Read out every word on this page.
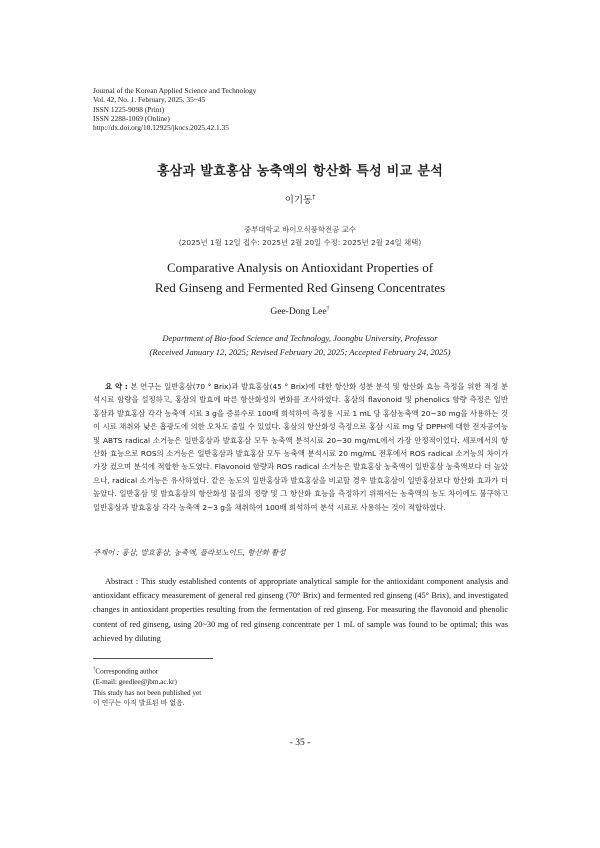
Journal of the Korean Applied Science and Technology
Vol. 42, No. 1. February, 2025. 35~45
ISSN 1225-9098 (Print)
ISSN 2288-1069 (Online)
http://dx.doi.org/10.12925/jkocs.2025.42.1.35
홍삼과 발효홍삼 농축액의 항산화 특성 비교 분석
이기동†
중부대학교 바이오식품학전공 교수
(2025년 1월 12일 접수: 2025년 2월 20일 수정: 2025년 2월 24일 채택)
Comparative Analysis on Antioxidant Properties of
Red Ginseng and Fermented Red Ginseng Concentrates
Gee-Dong Lee†
Department of Bio-food Science and Technology, Joongbu University, Professor
(Received January 12, 2025; Revised February 20, 2025; Accepted February 24, 2025)
요 약 : 본 연구는 일반홍삼(70 ° Brix)과 발효홍삼(45 ° Brix)에 대한 항산화 성분 분석 및 항산화 효능 측정을 위한 적정 분석시료 함량을 설정하고, 홍삼의 발효에 따른 항산화성의 변화를 조사하였다. 홍삼의 flavonoid 및 phenolics 함량 측정은 일반홍삼과 발효홍삼 각각 농축액 시료 3 g을 증류수로 100배 희석하여 측정용 시료 1 mL 당 홍삼농축액 20~30 mg을 사용하는 것이 시료 채취와 낮은 흡광도에 의한 오차도 줄일 수 있었다. 홍삼의 항산화성 측정으로 홍삼 시료 mg 당 DPPH에 대한 전자공여능 및 ABTS radical 소거능은 일반홍삼과 발효홍삼 모두 농축액 분석시료 20~30 mg/mL에서 가장 안정적이었다. 세포에서의 항산화 효능으로 ROS의 소거능은 일반홍삼과 발효홍삼 모두 농축액 분석시료 20 mg/mL 전후에서 ROS radical 소거능의 차이가 가장 컸으며 분석에 적합한 농도였다. Flavonoid 함량과 ROS radical 소거능은 발효홍삼 농축액이 일반홍삼 농축액보다 더 높았으나, radical 소거능은 유사하였다. 같은 농도의 일반홍삼과 발효홍삼을 비교할 경우 발효홍삼이 일반홍삼보다 항산화 효과가 더 높았다. 일반홍삼 및 발효홍삼의 항산화성 물질의 정량 및 그 항산화 효능을 측정하기 위해서는 농축액의 농도 차이에도 불구하고 일반홍삼과 발효홍삼 각각 농축액 2~3 g을 채취하여 100배 희석하여 분석 시료로 사용하는 것이 적합하였다.
주제어 : 홍삼, 발효홍삼, 농축액, 플라보노이드, 항산화 활성
Abstract : This study established contents of appropriate analytical sample for the antioxidant component analysis and antioxidant efficacy measurement of general red ginseng (70° Brix) and fermented red ginseng (45° Brix), and investigated changes in antioxidant properties resulting from the fermentation of red ginseng. For measuring the flavonoid and phenolic content of red ginseng, using 20~30 mg of red ginseng concentrate per 1 mL of sample was found to be optimal; this was achieved by diluting
†Corresponding author
(E-mail: geedlee@jbm.ac.kr)
This study has not been published yet
이 연구는 아직 발표된 바 없음.
- 35 -
